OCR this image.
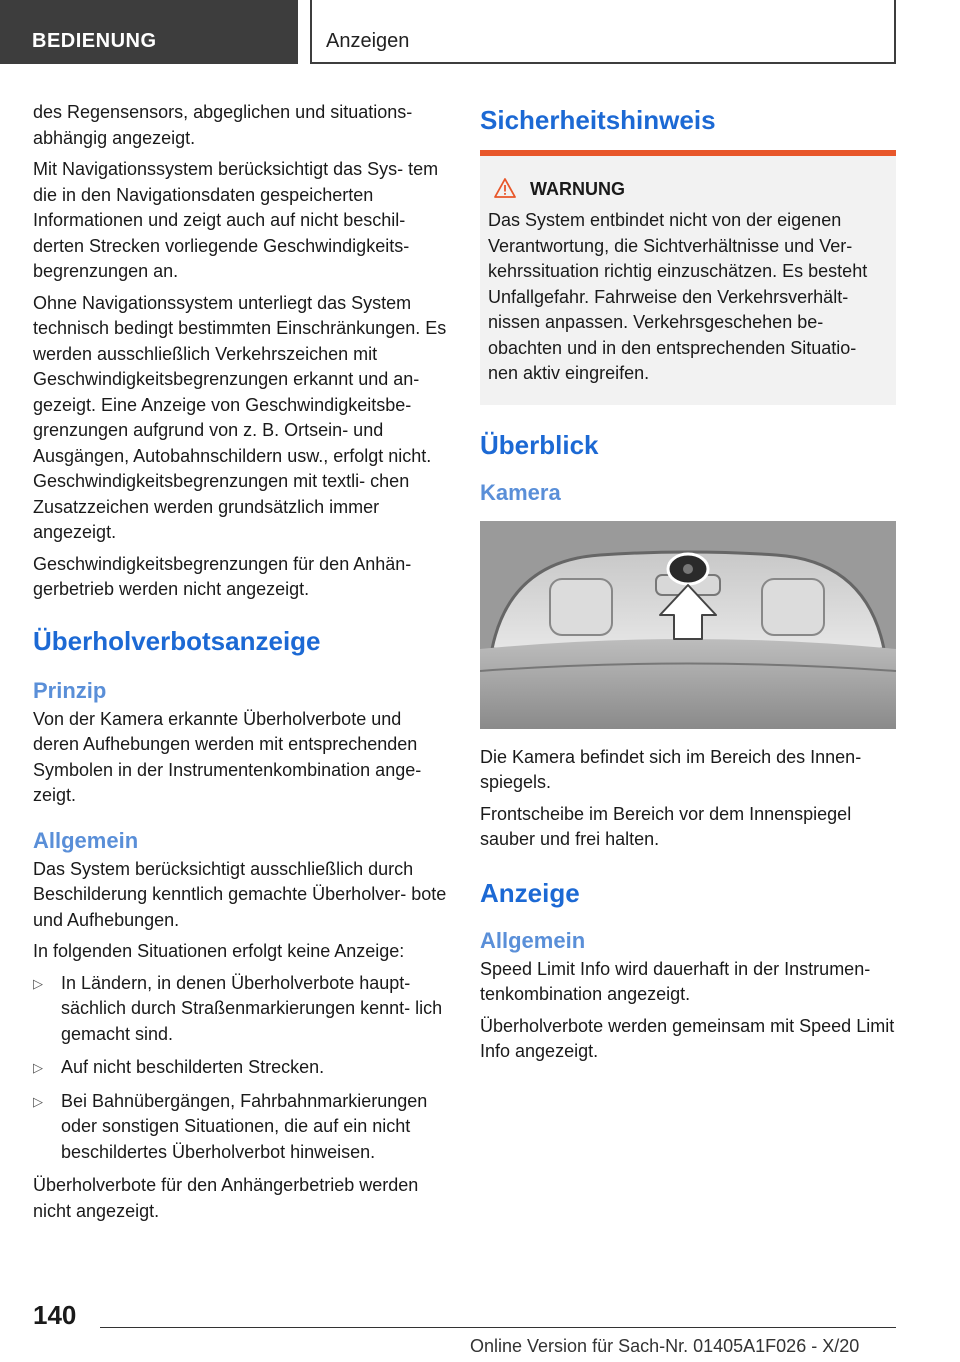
BEDIENUNG	Anzeigen

des Regensensors, abgeglichen und situations‐ abhängig angezeigt.

Mit Navigationssystem berücksichtigt das Sys‐ tem die in den Navigationsdaten gespeicherten Informationen und zeigt auch auf nicht beschil‐ derten Strecken vorliegende Geschwindigkeits‐ begrenzungen an.

Ohne Navigationssystem unterliegt das System technisch bedingt bestimmten Einschränkungen. Es werden ausschließlich Verkehrszeichen mit Geschwindigkeitsbegrenzungen erkannt und an‐ gezeigt. Eine Anzeige von Geschwindigkeitsbe‐ grenzungen aufgrund von z. B. Ortsein- und Ausgängen, Autobahnschildern usw., erfolgt nicht. Geschwindigkeitsbegrenzungen mit textli‐ chen Zusatzzeichen werden grundsätzlich immer angezeigt.

Geschwindigkeitsbegrenzungen für den Anhän‐ gerbetrieb werden nicht angezeigt.

Überholverbotsanzeige
Prinzip

Von der Kamera erkannte Überholverbote und deren Aufhebungen werden mit entsprechenden Symbolen in der Instrumentenkombination ange‐ zeigt.

Allgemein

Das System berücksichtigt ausschließlich durch Beschilderung kenntlich gemachte Überholver‐ bote und Aufhebungen.

In folgenden Situationen erfolgt keine Anzeige:

▷ In Ländern, in denen Überholverbote haupt‐ sächlich durch Straßenmarkierungen kennt‐ lich gemacht sind.
▷ Auf nicht beschilderten Strecken.
▷ Bei Bahnübergängen, Fahrbahnmarkierungen oder sonstigen Situationen, die auf ein nicht beschildertes Überholverbot hinweisen.

Überholverbote für den Anhängerbetrieb werden nicht angezeigt.

Sicherheitshinweis
WARNUNG

Das System entbindet nicht von der eigenen Verantwortung, die Sichtverhältnisse und Ver‐ kehrssituation richtig einzuschätzen. Es besteht Unfallgefahr. Fahrweise den Verkehrsverhält‐ nissen anpassen. Verkehrsgeschehen be‐ obachten und in den entsprechenden Situatio‐ nen aktiv eingreifen.

Überblick
Kamera

Die Kamera befindet sich im Bereich des Innen‐ spiegels.

Frontscheibe im Bereich vor dem Innenspiegel sauber und frei halten.

Anzeige
Allgemein

Speed Limit Info wird dauerhaft in der Instrumen‐ tenkombination angezeigt.

Überholverbote werden gemeinsam mit Speed Limit Info angezeigt.

140
Online Version für Sach-Nr. 01405A1F026 - X/20
